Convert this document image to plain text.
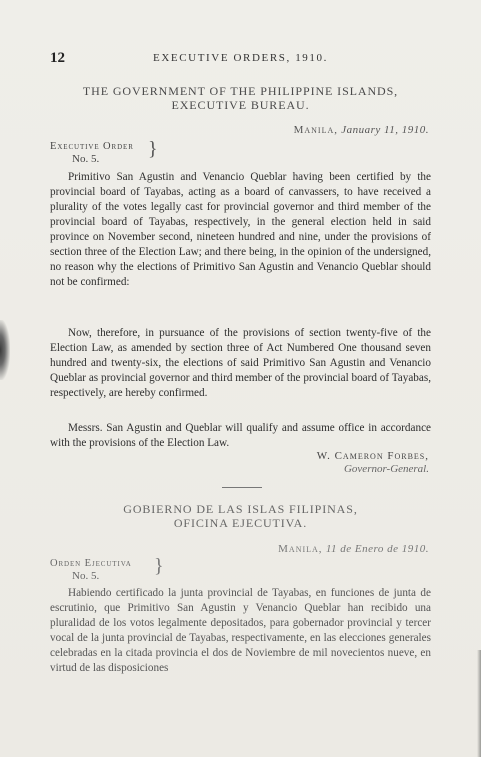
12	EXECUTIVE ORDERS, 1910.
THE GOVERNMENT OF THE PHILIPPINE ISLANDS,
EXECUTIVE BUREAU.
Manila, January 11, 1910.
Executive Order
No. 5.	}

Primitivo San Agustin and Venancio Queblar having been certified by the provincial board of Tayabas, acting as a board of canvassers, to have received a plurality of the votes legally cast for provincial governor and third member of the provincial board of Tayabas, respectively, in the general election held in said province on November second, nineteen hundred and nine, under the provisions of section three of the Election Law; and there being, in the opinion of the undersigned, no reason why the elections of Primitivo San Agustin and Venancio Queblar should not be confirmed:

Now, therefore, in pursuance of the provisions of section twenty-five of the Election Law, as amended by section three of Act Numbered One thousand seven hundred and twenty-six, the elections of said Primitivo San Agustin and Venancio Queblar as provincial governor and third member of the provincial board of Tayabas, respectively, are hereby confirmed.

Messrs. San Agustin and Queblar will qualify and assume office in accordance with the provisions of the Election Law.

W. Cameron Forbes,
Governor-General.
GOBIERNO DE LAS ISLAS FILIPINAS,
OFICINA EJECUTIVA.
Manila, 11 de Enero de 1910.
Orden Ejecutiva
No. 5.	}

Habiendo certificado la junta provincial de Tayabas, en funciones de junta de escrutinio, que Primitivo San Agustin y Venancio Queblar han recibido una pluralidad de los votos legalmente depositados, para gobernador provincial y tercer vocal de la junta provincial de Tayabas, respectivamente, en las elecciones generales celebradas en la citada provincia el dos de Noviembre de mil novecientos nueve, en virtud de las disposiciones
